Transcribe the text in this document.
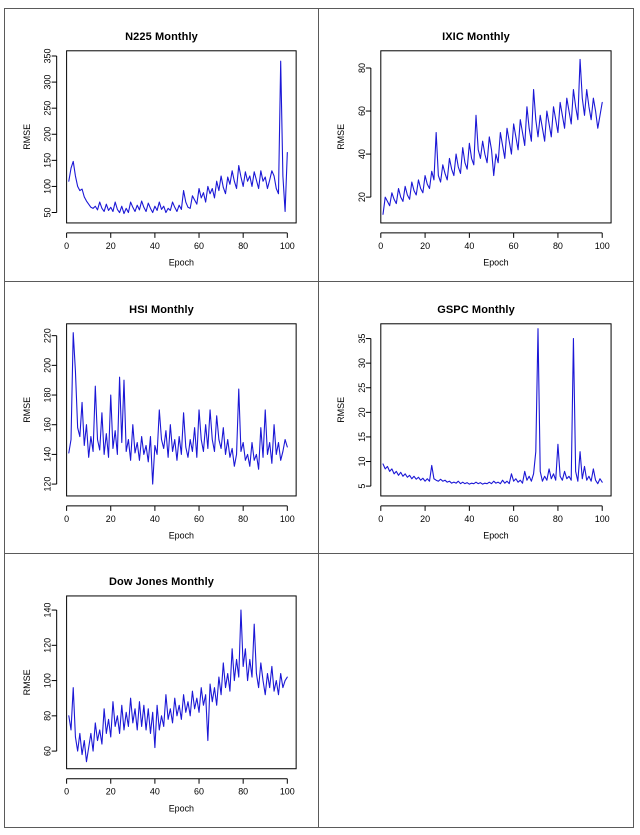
N225 Monthly
0	20	40	60	80	100
Epoch
50
100
150
200
250
300
350
RMSE
IXIC Monthly
0	20	40	60	80	100
Epoch
20
40
60
80
RMSE
HSI Monthly
0	20	40	60	80	100
Epoch
120
140
160
180
200
220
RMSE
GSPC Monthly
0	20	40	60	80	100
Epoch
5
10
15
20
25
30
35
RMSE
Dow Jones Monthly
0	20	40	60	80	100
Epoch
60
80
100
120
140
RMSE
